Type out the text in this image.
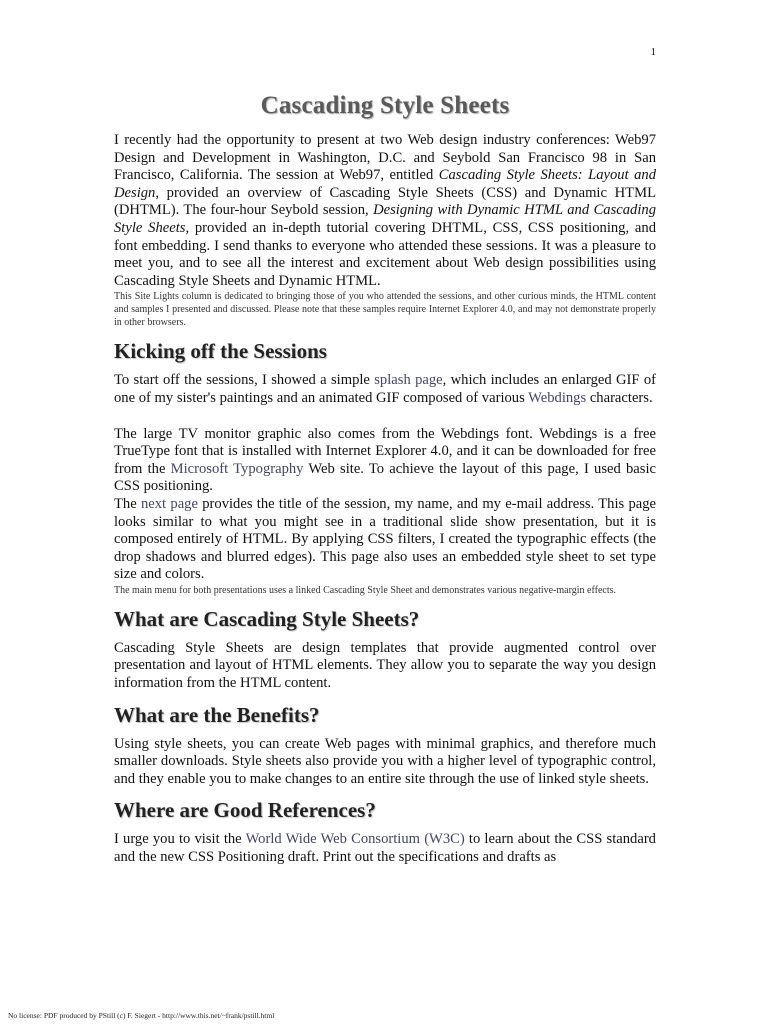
1
Cascading Style Sheets

I recently had the opportunity to present at two Web design industry conferences: Web97 Design and Development in Washington, D.C. and Seybold San Francisco 98 in San Francisco, California. The session at Web97, entitled Cascading Style Sheets: Layout and Design, provided an overview of Cascading Style Sheets (CSS) and Dynamic HTML (DHTML). The four-hour Seybold session, Designing with Dynamic HTML and Cascading Style Sheets, provided an in-depth tutorial covering DHTML, CSS, CSS positioning, and font embedding. I send thanks to everyone who attended these sessions. It was a pleasure to meet you, and to see all the interest and excitement about Web design possibilities using Cascading Style Sheets and Dynamic HTML.

This Site Lights column is dedicated to bringing those of you who attended the sessions, and other curious minds, the HTML content and samples I presented and discussed. Please note that these samples require Internet Explorer 4.0, and may not demonstrate properly in other browsers.

Kicking off the Sessions

To start off the sessions, I showed a simple splash page, which includes an enlarged GIF of one of my sister's paintings and an animated GIF composed of various Webdings characters.

The large TV monitor graphic also comes from the Webdings font. Webdings is a free TrueType font that is installed with Internet Explorer 4.0, and it can be downloaded for free from the Microsoft Typography Web site. To achieve the layout of this page, I used basic CSS positioning.

The next page provides the title of the session, my name, and my e-mail address. This page looks similar to what you might see in a traditional slide show presentation, but it is composed entirely of HTML. By applying CSS filters, I created the typographic effects (the drop shadows and blurred edges). This page also uses an embedded style sheet to set type size and colors.

The main menu for both presentations uses a linked Cascading Style Sheet and demonstrates various negative-margin effects.

What are Cascading Style Sheets?

Cascading Style Sheets are design templates that provide augmented control over presentation and layout of HTML elements. They allow you to separate the way you design information from the HTML content.

What are the Benefits?

Using style sheets, you can create Web pages with minimal graphics, and therefore much smaller downloads. Style sheets also provide you with a higher level of typographic control, and they enable you to make changes to an entire site through the use of linked style sheets.

Where are Good References?

I urge you to visit the World Wide Web Consortium (W3C) to learn about the CSS standard and the new CSS Positioning draft. Print out the specifications and drafts as

No license: PDF produced by PStill (c) F. Siegert - http://www.this.net/~frank/pstill.html
